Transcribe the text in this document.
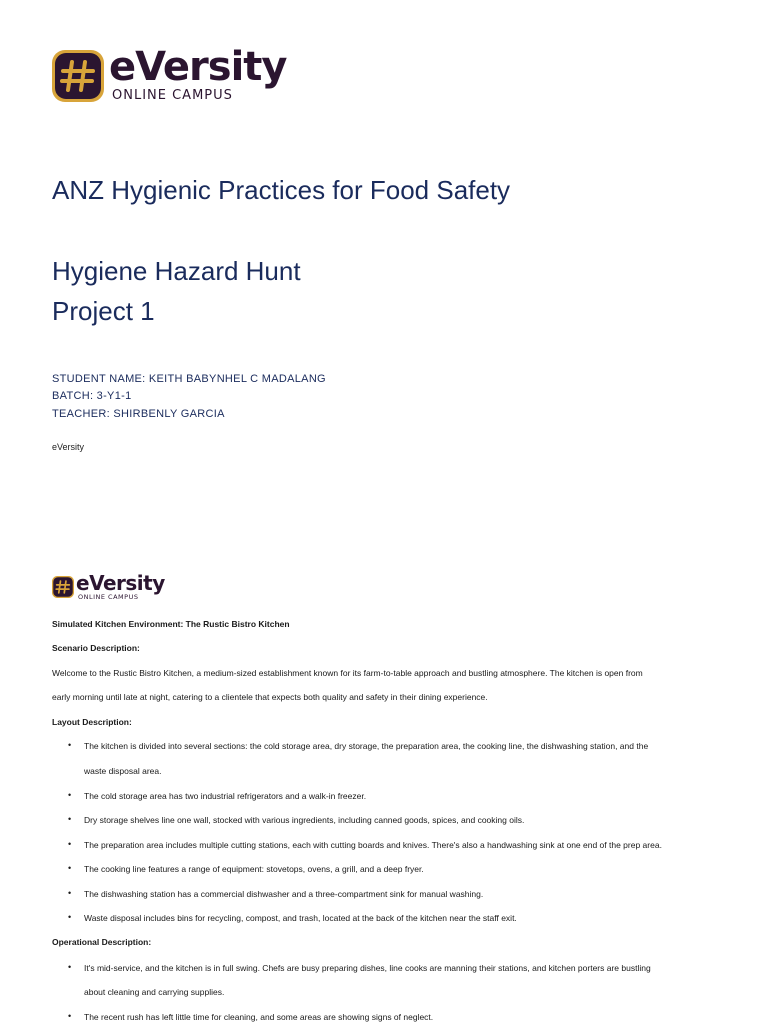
eVersity
ONLINE CAMPUS
ANZ Hygienic Practices for Food Safety
Hygiene Hazard Hunt
Project 1
STUDENT NAME: KEITH BABYNHEL C MADALANG
BATCH: 3-Y1-1
TEACHER: SHIRBENLY GARCIA
eVersity
eVersity
ONLINE CAMPUS
Simulated Kitchen Environment: The Rustic Bistro Kitchen
Scenario Description:
Welcome to the Rustic Bistro Kitchen, a medium-sized establishment known for its farm-to-table approach and bustling atmosphere. The kitchen is open from
early morning until late at night, catering to a clientele that expects both quality and safety in their dining experience.
Layout Description:
• The kitchen is divided into several sections: the cold storage area, dry storage, the preparation area, the cooking line, the dishwashing station, and the
waste disposal area.
• The cold storage area has two industrial refrigerators and a walk-in freezer.
• Dry storage shelves line one wall, stocked with various ingredients, including canned goods, spices, and cooking oils.
• The preparation area includes multiple cutting stations, each with cutting boards and knives. There's also a handwashing sink at one end of the prep area.
• The cooking line features a range of equipment: stovetops, ovens, a grill, and a deep fryer.
• The dishwashing station has a commercial dishwasher and a three-compartment sink for manual washing.
• Waste disposal includes bins for recycling, compost, and trash, located at the back of the kitchen near the staff exit.
Operational Description:
• It's mid-service, and the kitchen is in full swing. Chefs are busy preparing dishes, line cooks are manning their stations, and kitchen porters are bustling
about cleaning and carrying supplies.
• The recent rush has left little time for cleaning, and some areas are showing signs of neglect.
